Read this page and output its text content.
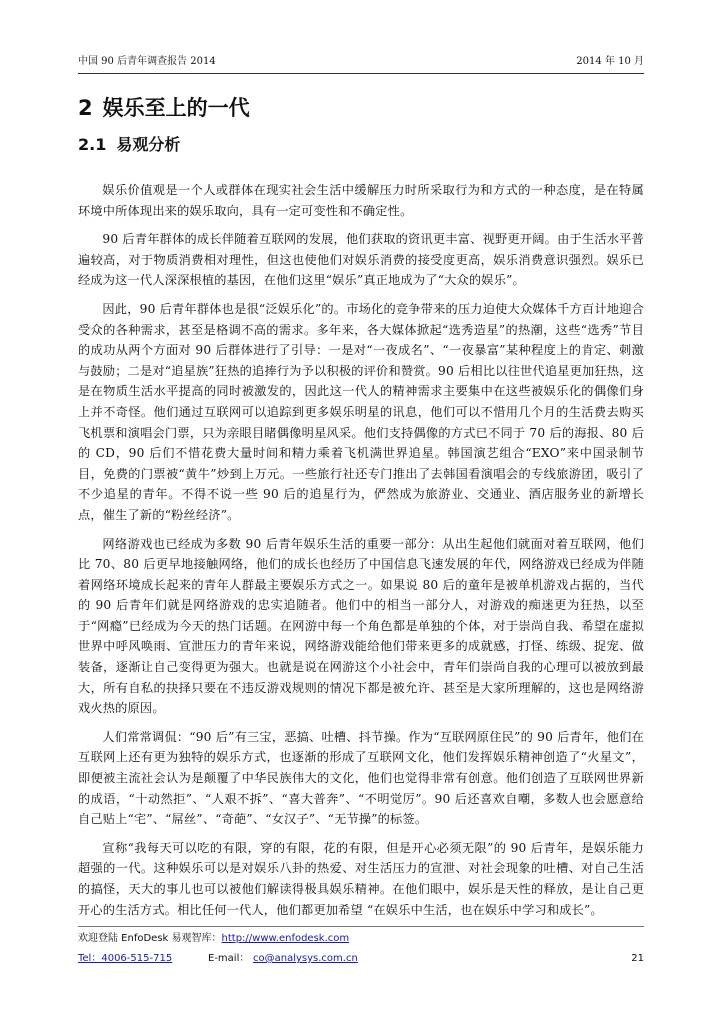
中国 90 后青年调查报告 2014	2014 年 10 月
2 娱乐至上的一代
2.1 易观分析

娱乐价值观是一个人或群体在现实社会生活中缓解压力时所采取行为和方式的一种态度，是在特属环境中所体现出来的娱乐取向，具有一定可变性和不确定性。

90 后青年群体的成长伴随着互联网的发展，他们获取的资讯更丰富、视野更开阔。由于生活水平普遍较高，对于物质消费相对理性，但这也使他们对娱乐消费的接受度更高，娱乐消费意识强烈。娱乐已经成为这一代人深深根植的基因，在他们这里“娱乐”真正地成为了“大众的娱乐”。

因此，90 后青年群体也是很“泛娱乐化”的。市场化的竞争带来的压力迫使大众媒体千方百计地迎合受众的各种需求，甚至是格调不高的需求。多年来，各大媒体掀起“选秀造星”的热潮，这些“选秀”节目的成功从两个方面对 90 后群体进行了引导：一是对“一夜成名”、“一夜暴富”某种程度上的肯定、刺激与鼓励；二是对“追星族”狂热的追捧行为予以积极的评价和赞赏。90 后相比以往世代追星更加狂热，这是在物质生活水平提高的同时被激发的，因此这一代人的精神需求主要集中在这些被娱乐化的偶像们身上并不奇怪。他们通过互联网可以追踪到更多娱乐明星的讯息，他们可以不惜用几个月的生活费去购买飞机票和演唱会门票，只为亲眼目睹偶像明星风采。他们支持偶像的方式已不同于 70 后的海报、80 后的 CD，90 后们不惜花费大量时间和精力乘着飞机满世界追星。韩国演艺组合“EXO”来中国录制节目，免费的门票被“黄牛”炒到上万元。一些旅行社还专门推出了去韩国看演唱会的专线旅游团，吸引了不少追星的青年。不得不说一些 90 后的追星行为，俨然成为旅游业、交通业、酒店服务业的新增长点，催生了新的“粉丝经济”。

网络游戏也已经成为多数 90 后青年娱乐生活的重要一部分：从出生起他们就面对着互联网，他们比 70、80 后更早地接触网络，他们的成长也经历了中国信息飞速发展的年代，网络游戏已经成为伴随着网络环境成长起来的青年人群最主要娱乐方式之一。如果说 80 后的童年是被单机游戏占据的，当代的 90 后青年们就是网络游戏的忠实追随者。他们中的相当一部分人，对游戏的痴迷更为狂热，以至于“网瘾”已经成为今天的热门话题。在网游中每一个角色都是单独的个体，对于崇尚自我、希望在虚拟世界中呼风唤雨、宣泄压力的青年来说，网络游戏能给他们带来更多的成就感，打怪、练级、捉宠、做装备，逐渐让自己变得更为强大。也就是说在网游这个小社会中，青年们崇尚自我的心理可以被放到最大，所有自私的抉择只要在不违反游戏规则的情况下都是被允许、甚至是大家所理解的，这也是网络游戏火热的原因。

人们常常调侃：“90 后”有三宝，恶搞、吐槽、抖节操。作为“互联网原住民”的 90 后青年，他们在互联网上还有更为独特的娱乐方式，也逐渐的形成了互联网文化，他们发挥娱乐精神创造了“火星文”，即便被主流社会认为是颠覆了中华民族伟大的文化，他们也觉得非常有创意。他们创造了互联网世界新的成语，“十动然拒”、“人艰不拆”、“喜大普奔”、“不明觉厉”。90 后还喜欢自嘲，多数人也会愿意给自己贴上“宅”、“屌丝”、“奇葩”、“女汉子”、“无节操”的标签。

宣称“我每天可以吃的有限，穿的有限，花的有限，但是开心必须无限”的 90 后青年，是娱乐能力超强的一代。这种娱乐可以是对娱乐八卦的热爱、对生活压力的宣泄、对社会现象的吐槽、对自己生活的搞怪，天大的事儿也可以被他们解读得极具娱乐精神。在他们眼中，娱乐是天性的释放，是让自己更开心的生活方式。相比任何一代人，他们都更加希望 “在娱乐中生活，也在娱乐中学习和成长”。

欢迎登陆 EnfoDesk 易观智库：http://www.enfodesk.com
Tel：4006-515-715	E-mail： co@analysys.com.cn	21
